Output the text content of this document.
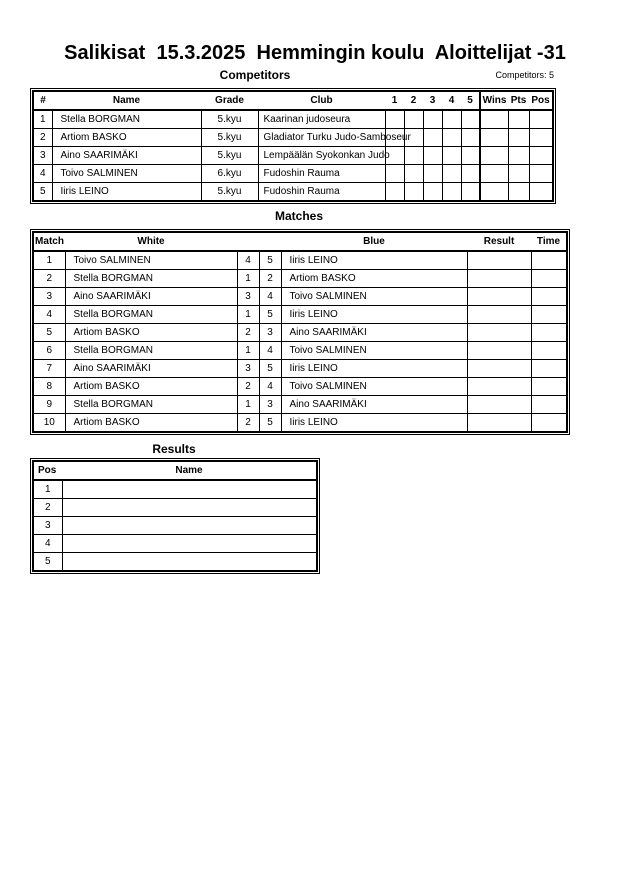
Salikisat  15.3.2025  Hemmingin koulu  Aloittelijat -31
Competitors	Competitors: 5
#	Name	Grade	Club	1	2	3	4	5	Wins	Pts	Pos
1	Stella BORGMAN	5.kyu	Kaarinan judoseura								
2	Artiom BASKO	5.kyu	Gladiator Turku Judo-Samboseur								
3	Aino SAARIMÄKI	5.kyu	Lempäälän Syokonkan Judo								
4	Toivo SALMINEN	6.kyu	Fudoshin Rauma								
5	Iiris LEINO	5.kyu	Fudoshin Rauma								
Matches
Match	White			Blue	Result	Time
1	Toivo SALMINEN	4	5	Iiris LEINO		
2	Stella BORGMAN	1	2	Artiom BASKO		
3	Aino SAARIMÄKI	3	4	Toivo SALMINEN		
4	Stella BORGMAN	1	5	Iiris LEINO		
5	Artiom BASKO	2	3	Aino SAARIMÄKI		
6	Stella BORGMAN	1	4	Toivo SALMINEN		
7	Aino SAARIMÄKI	3	5	Iiris LEINO		
8	Artiom BASKO	2	4	Toivo SALMINEN		
9	Stella BORGMAN	1	3	Aino SAARIMÄKI		
10	Artiom BASKO	2	5	Iiris LEINO		
Results
Pos	Name
1	
2	
3	
4	
5	
